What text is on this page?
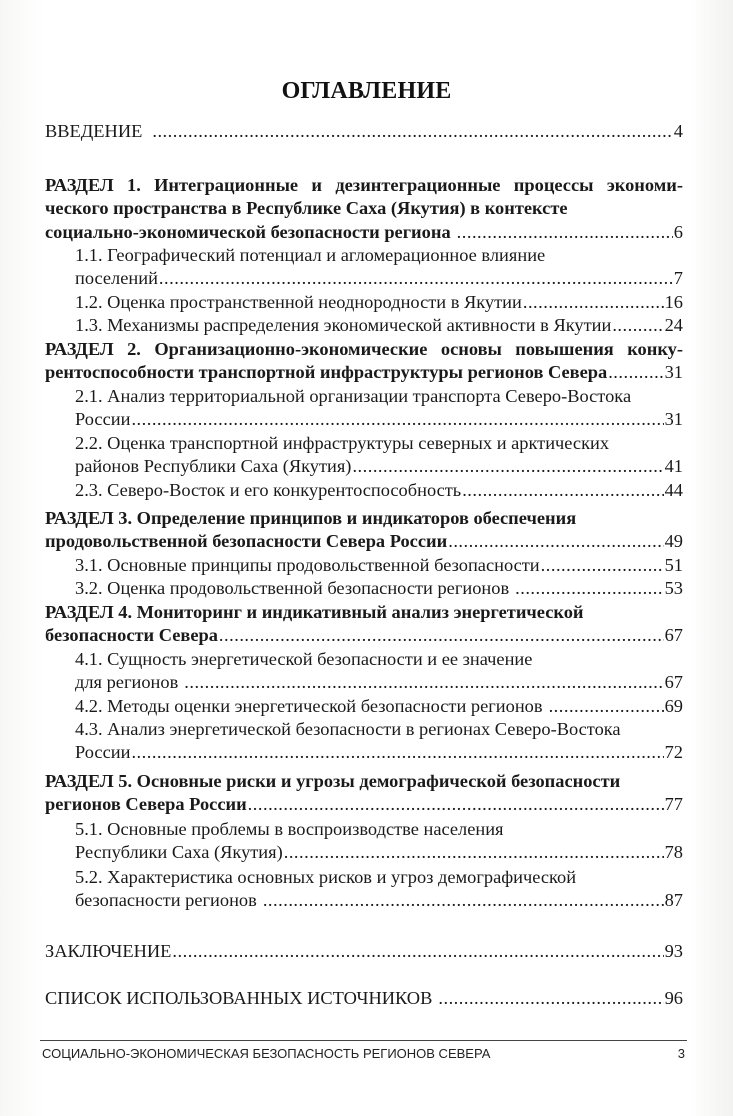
ОГЛАВЛЕНИЕ
ВВЕДЕНИЕ .....	4
РАЗДЕЛ 1. Интеграционные и дезинтеграционные процессы экономи-
ческого пространства в Республике Саха (Якутия) в контексте
социально-экономической безопасности региона .....	6
1.1. Географический потенциал и агломерационное влияние
поселений .....	7
1.2. Оценка пространственной неоднородности в Якутии .....	16
1.3. Механизмы распределения экономической активности в Якутии .....	24
РАЗДЕЛ 2. Организационно-экономические основы повышения конку-
рентоспособности транспортной инфраструктуры регионов Севера .....	31
2.1. Анализ территориальной организации транспорта Северо-Востока
России .....	31
2.2. Оценка транспортной инфраструктуры северных и арктических
районов Республики Саха (Якутия) .....	41
2.3. Северо-Восток и его конкурентоспособность .....	44
РАЗДЕЛ 3. Определение принципов и индикаторов обеспечения
продовольственной безопасности Севера России .....	49
3.1. Основные принципы продовольственной безопасности .....	51
3.2. Оценка продовольственной безопасности регионов .....	53
РАЗДЕЛ 4. Мониторинг и индикативный анализ энергетической
безопасности Севера .....	67
4.1. Сущность энергетической безопасности и ее значение
для регионов .....	67
4.2. Методы оценки энергетической безопасности регионов .....	69
4.3. Анализ энергетической безопасности в регионах Северо-Востока
России .....	72
РАЗДЕЛ 5. Основные риски и угрозы демографической безопасности
регионов Севера России .....	77
5.1. Основные проблемы в воспроизводстве населения
Республики Саха (Якутия) .....	78
5.2. Характеристика основных рисков и угроз демографической
безопасности регионов .....	87
ЗАКЛЮЧЕНИЕ .....	93
СПИСОК ИСПОЛЬЗОВАННЫХ ИСТОЧНИКОВ .....	96
СОЦИАЛЬНО-ЭКОНОМИЧЕСКАЯ БЕЗОПАСНОСТЬ РЕГИОНОВ СЕВЕРА	3
